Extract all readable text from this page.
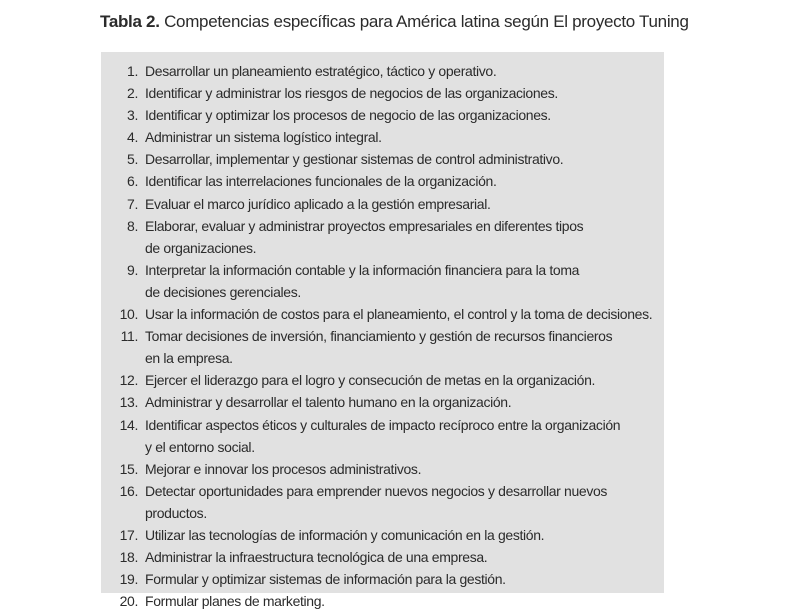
Tabla 2. Competencias específicas para América latina según El proyecto Tuning
1. Desarrollar un planeamiento estratégico, táctico y operativo.
2. Identificar y administrar los riesgos de negocios de las organizaciones.
3. Identificar y optimizar los procesos de negocio de las organizaciones.
4. Administrar un sistema logístico integral.
5. Desarrollar, implementar y gestionar sistemas de control administrativo.
6. Identificar las interrelaciones funcionales de la organización.
7. Evaluar el marco jurídico aplicado a la gestión empresarial.
8. Elaborar, evaluar y administrar proyectos empresariales en diferentes tipos
de organizaciones.
9. Interpretar la información contable y la información financiera para la toma
de decisiones gerenciales.
10. Usar la información de costos para el planeamiento, el control y la toma de decisiones.
11. Tomar decisiones de inversión, financiamiento y gestión de recursos financieros
en la empresa.
12. Ejercer el liderazgo para el logro y consecución de metas en la organización.
13. Administrar y desarrollar el talento humano en la organización.
14. Identificar aspectos éticos y culturales de impacto recíproco entre la organización
y el entorno social.
15. Mejorar e innovar los procesos administrativos.
16. Detectar oportunidades para emprender nuevos negocios y desarrollar nuevos productos.
17. Utilizar las tecnologías de información y comunicación en la gestión.
18. Administrar la infraestructura tecnológica de una empresa.
19. Formular y optimizar sistemas de información para la gestión.
20. Formular planes de marketing.
